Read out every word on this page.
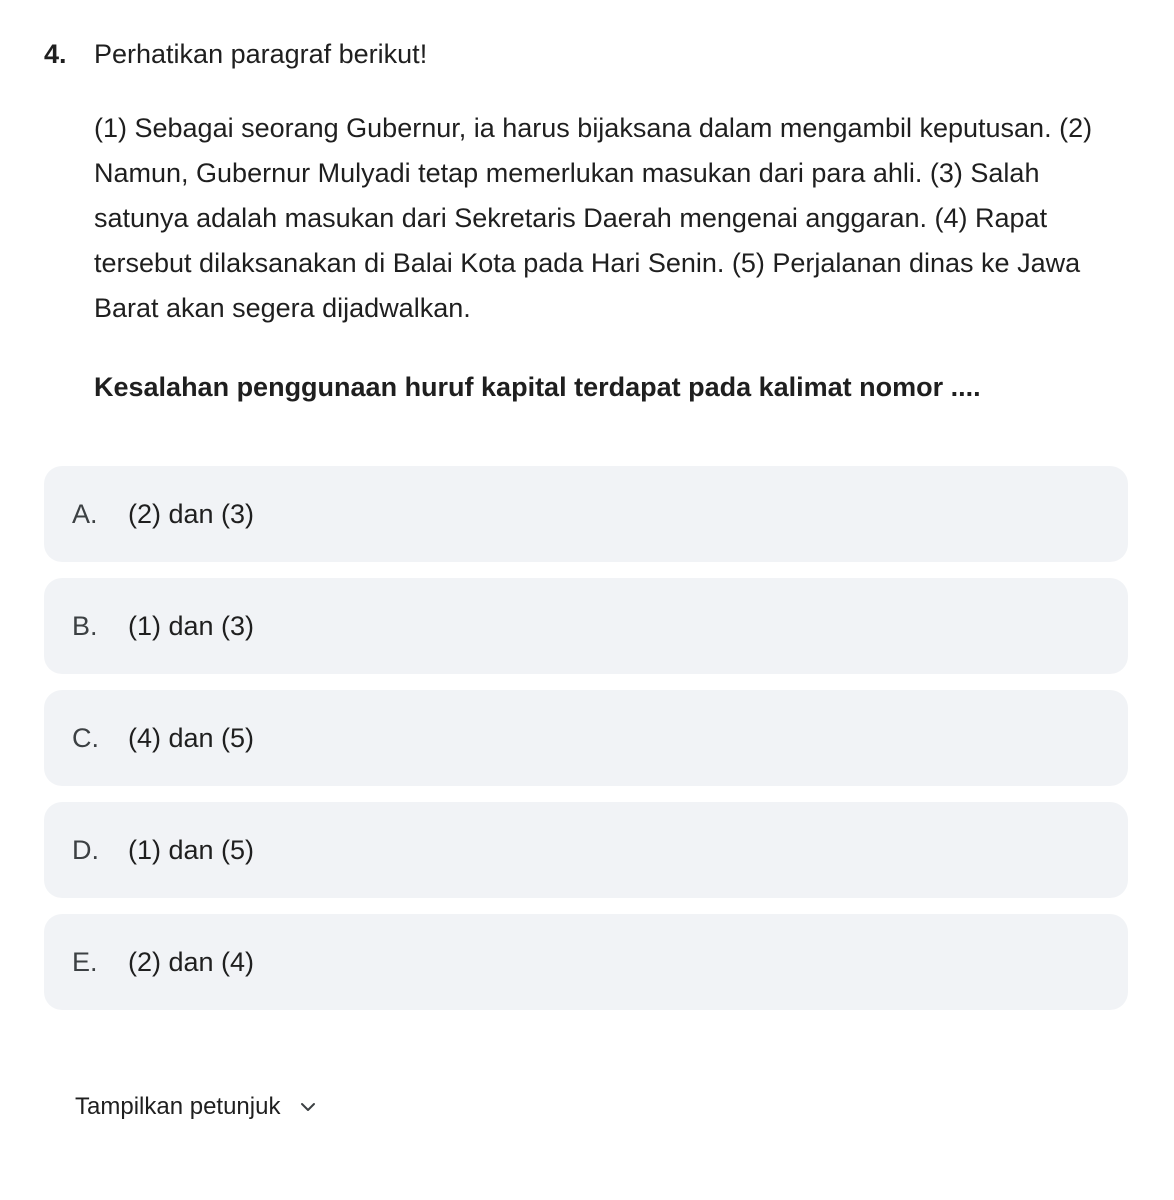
4.	Perhatikan paragraf berikut!

(1) Sebagai seorang Gubernur, ia harus bijaksana dalam mengambil keputusan. (2) Namun, Gubernur Mulyadi tetap memerlukan masukan dari para ahli. (3) Salah satunya adalah masukan dari Sekretaris Daerah mengenai anggaran. (4) Rapat tersebut dilaksanakan di Balai Kota pada Hari Senin. (5) Perjalanan dinas ke Jawa Barat akan segera dijadwalkan.

Kesalahan penggunaan huruf kapital terdapat pada kalimat nomor ....

A.	(2) dan (3)
B.	(1) dan (3)
C.	(4) dan (5)
D.	(1) dan (5)
E.	(2) dan (4)
Tampilkan petunjuk
